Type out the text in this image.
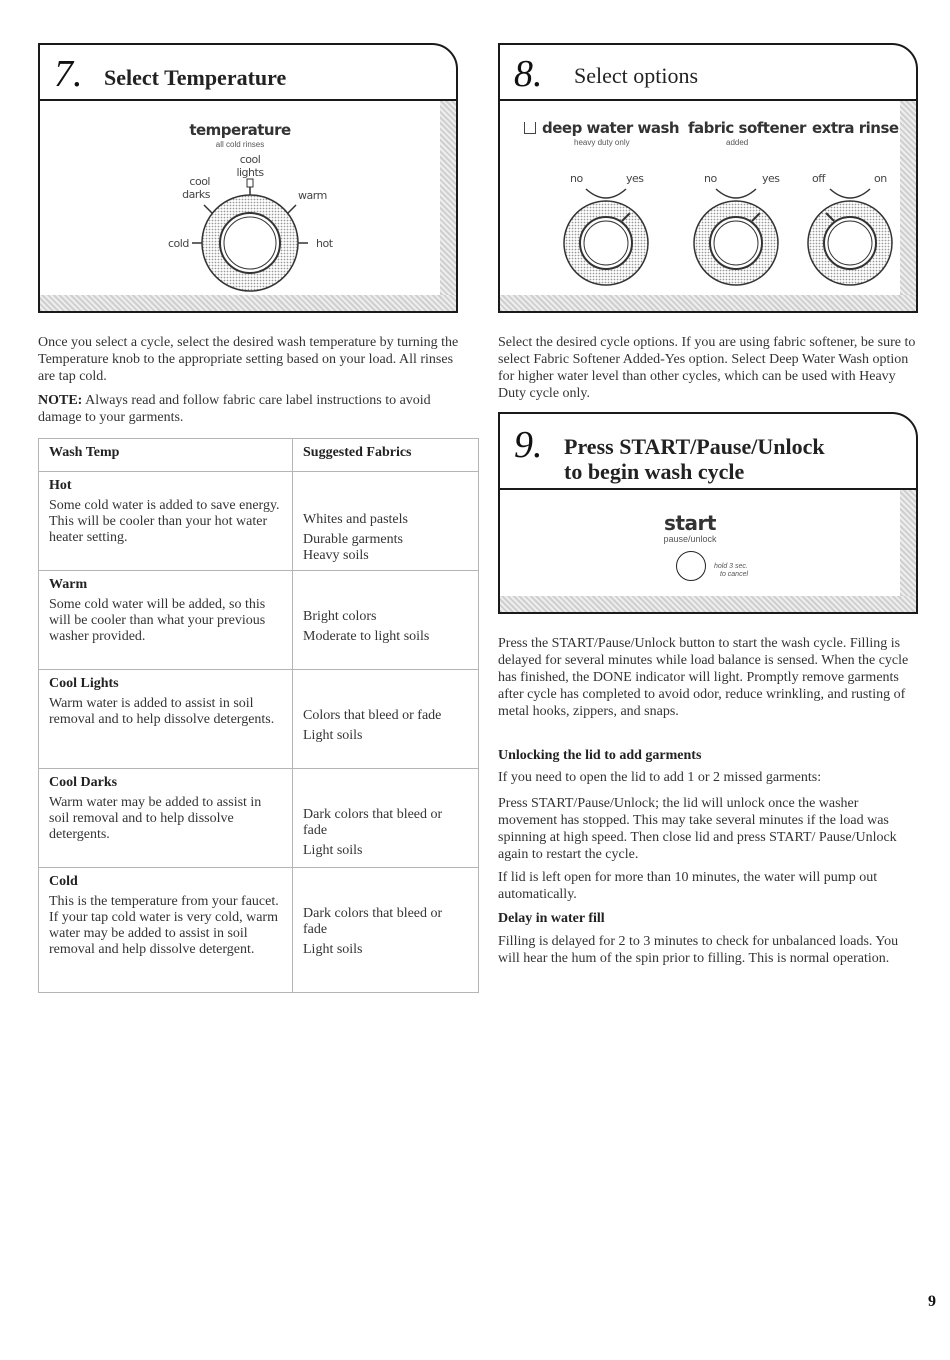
7. Select Temperature
temperature
all cold rinses
cool
lights
cool
darks	warm
cold	hot
Once you select a cycle, select the desired wash temperature by turning the Temperature knob to the appropriate setting based on your load. All rinses are tap cold.
NOTE: Always read and follow fabric care label instructions to avoid damage to your garments.
Wash Temp	Suggested Fabrics

Hot
Some cold water is added to save energy. This will be cooler than your hot water heater setting.	Whites and pastels
Durable garments
Heavy soils

Warm
Some cold water will be added, so this will be cooler than what your previous washer provided.	Bright colors
Moderate to light soils

Cool Lights
Warm water is added to assist in soil removal and to help dissolve detergents.	Colors that bleed or fade
Light soils

Cool Darks
Warm water may be added to assist in soil removal and to help dissolve detergents.	Dark colors that bleed or fade
Light soils

Cold
This is the temperature from your faucet. If your tap cold water is very cold, warm water may be added to assist in soil removal and help dissolve detergent.	Dark colors that bleed or fade
Light soils
8. Select options
deep water wash
heavy duty only
fabric softener
added
extra rinse
no	yes	no	yes	off	on
Select the desired cycle options. If you are using fabric softener, be sure to select Fabric Softener Added-Yes option. Select Deep Water Wash option for higher water level than other cycles, which can be used with Heavy Duty cycle only.
9. Press START/Pause/Unlock
to begin wash cycle
start
pause/unlock
hold 3 sec.
to cancel
Press the START/Pause/Unlock button to start the wash cycle. Filling is delayed for several minutes while load balance is sensed. When the cycle has finished, the DONE indicator will light. Promptly remove garments after cycle has completed to avoid odor, reduce wrinkling, and rusting of metal hooks, zippers, and snaps.
Unlocking the lid to add garments
If you need to open the lid to add 1 or 2 missed garments:
Press START/Pause/Unlock; the lid will unlock once the washer movement has stopped. This may take several minutes if the load was spinning at high speed. Then close lid and press START/ Pause/Unlock again to restart the cycle.
If lid is left open for more than 10 minutes, the water will pump out automatically.
Delay in water fill
Filling is delayed for 2 to 3 minutes to check for unbalanced loads. You will hear the hum of the spin prior to filling. This is normal operation.
9
